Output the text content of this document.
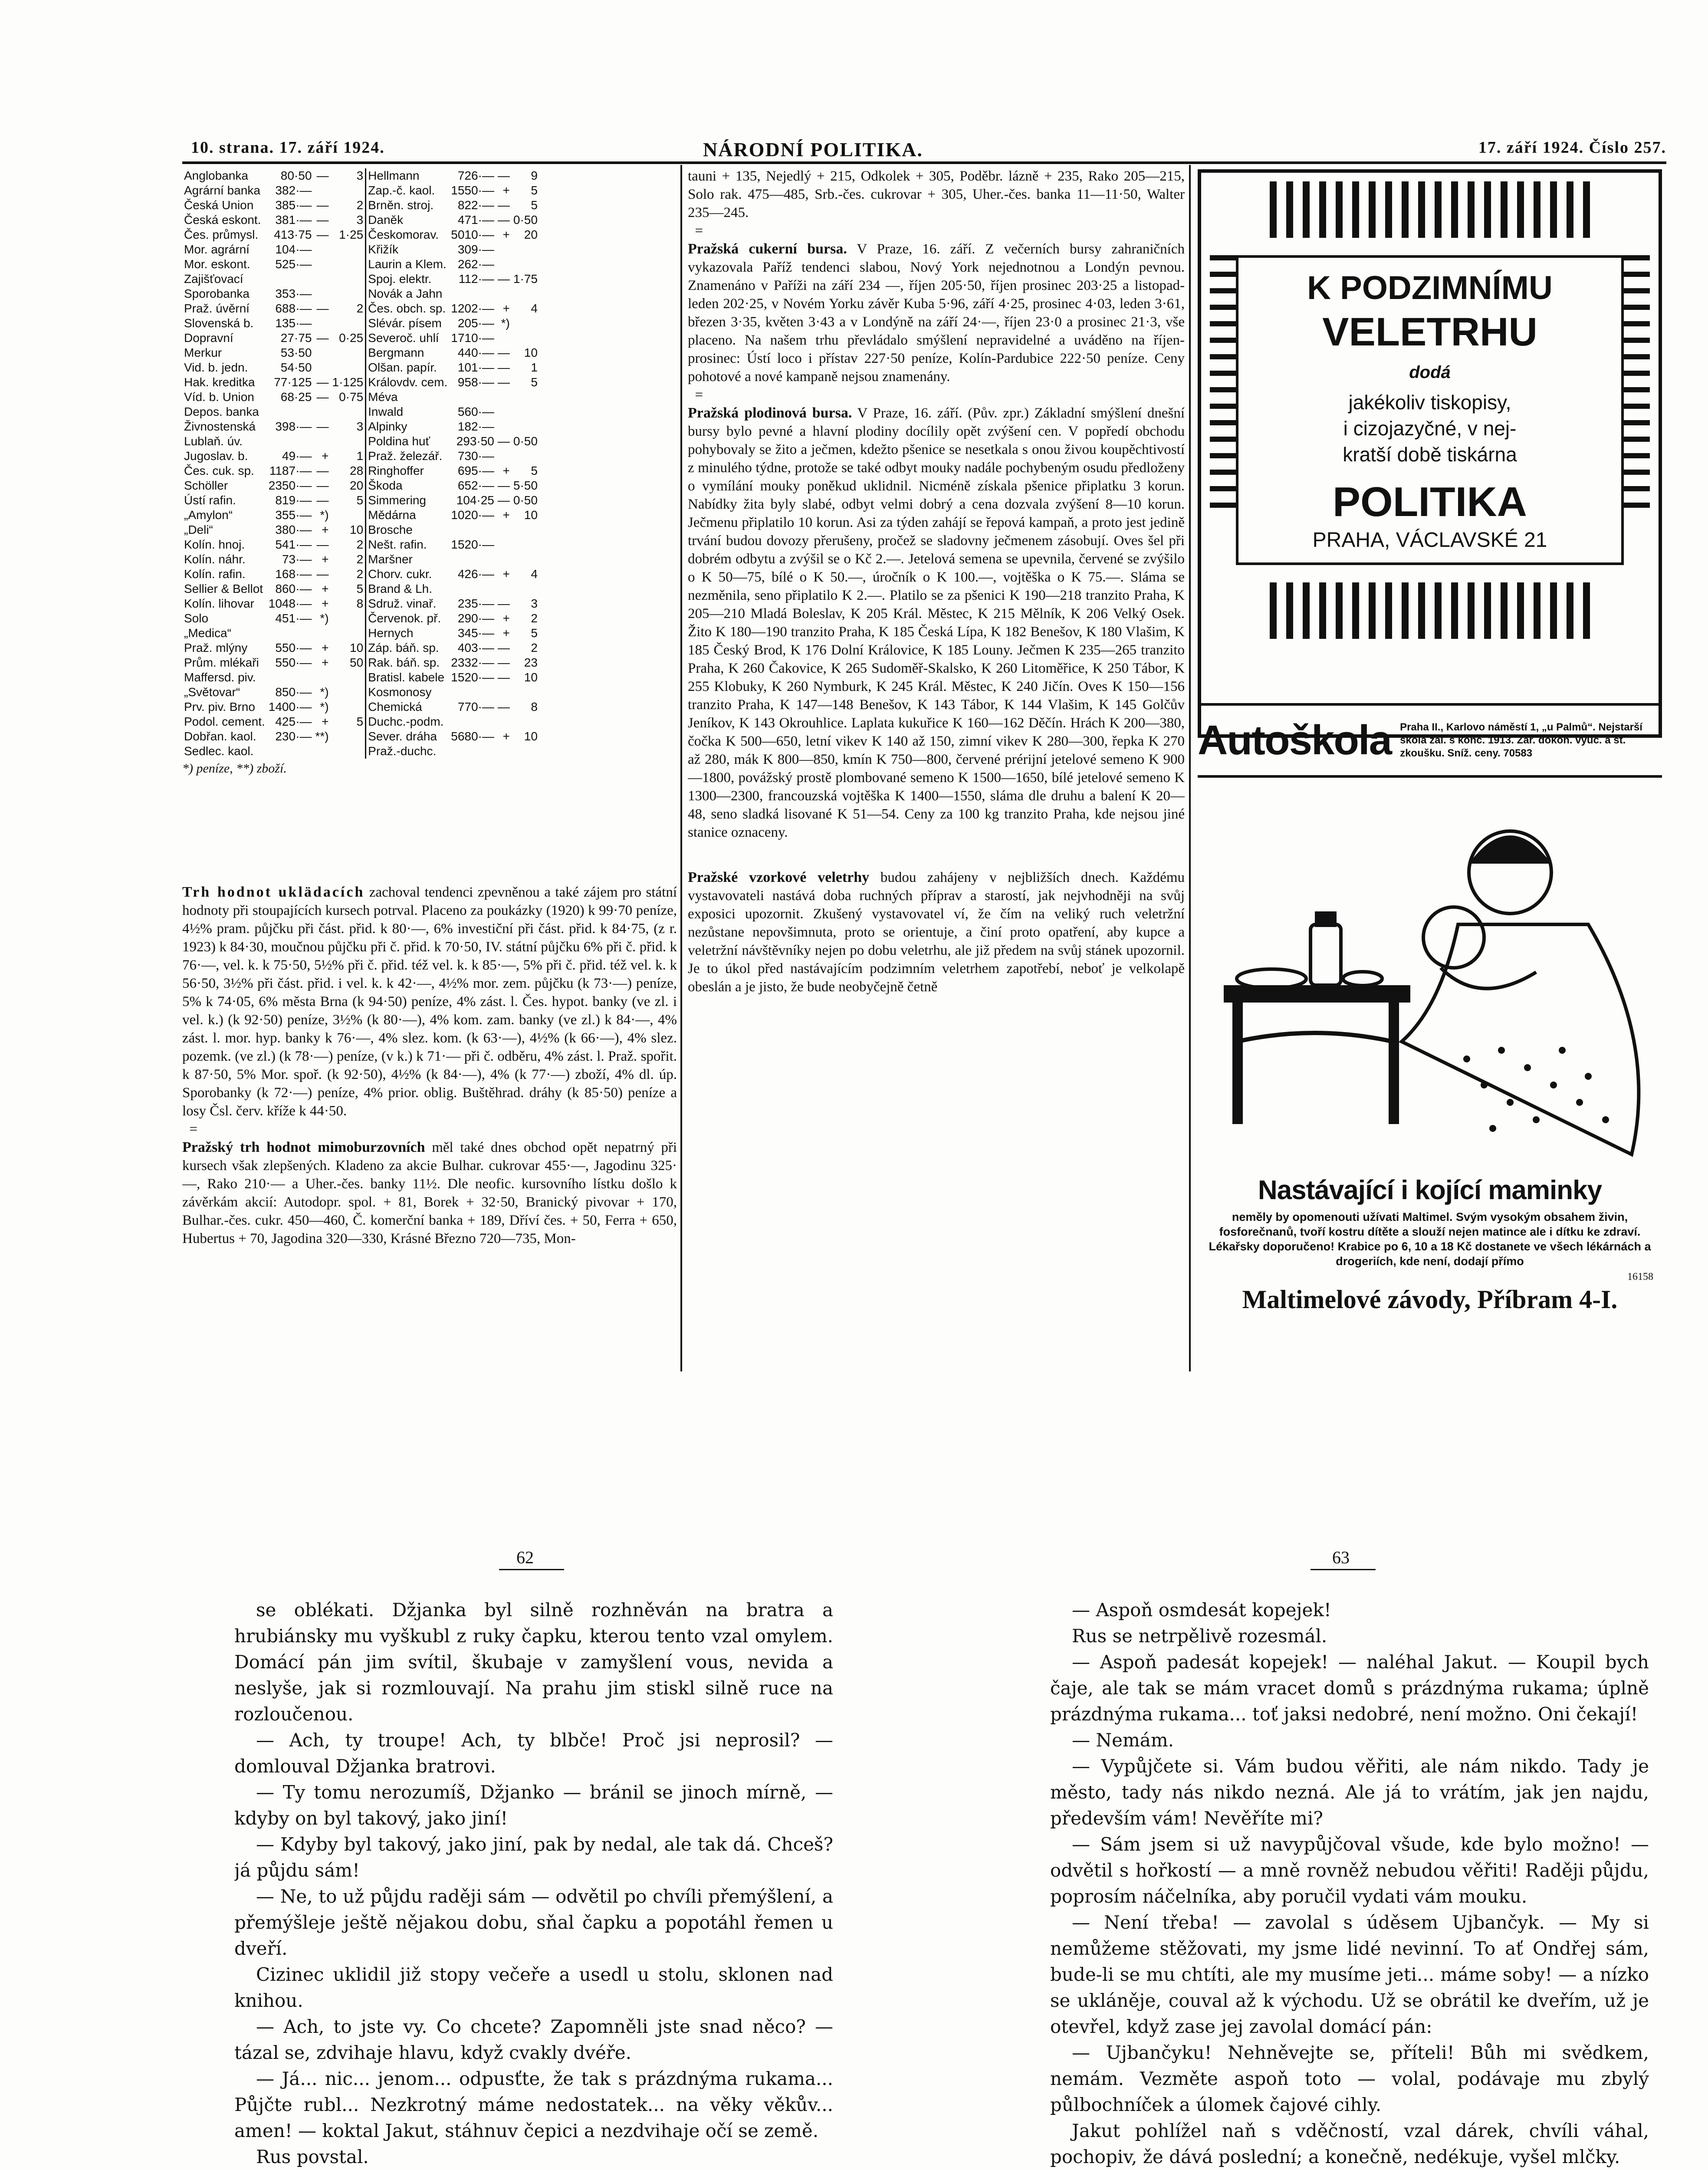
10. strana. 17. září 1924.	NÁRODNÍ POLITIKA.	17. září 1924. Číslo 257.
Anglobanka	80·50	—	3	Hellmann	726·—	—	9
Agrární banka	382·—			Zap.-č. kaol.	1550·—	+	5
Česká Union	385·—	—	2	Brněn. stroj.	822·—	—	5
Česká eskont.	381·—	—	3	Daněk	471·—	—	0·50
Čes. průmysl.	413·75	—	1·25	Českomorav.	5010·—	+	20
Mor. agrární	104·—			Křižík	309·—		
Mor. eskont.	525·—			Laurin a Klem.	262·—		
Zajišťovací				Spoj. elektr.	112·—	—	1·75
Sporobanka	353·—			Novák a Jahn			
Praž. úvěrní	688·—	—	2	Čes. obch. sp.	1202·—	+	4
Slovenská b.	135·—			Slévár. písem	205·—	*)	
Dopravní	27·75	—	0·25	Severoč. uhlí	1710·—		
Merkur	53·50			Bergmann	440·—	—	10
Vid. b. jedn.	54·50			Olšan. papír.	101·—	—	1
Hak. kreditka	77·125	—	1·125	Královdv. cem.	958·—	—	5
Víd. b. Union	68·25	—	0·75	Méva			
Depos. banka				Inwald	560·—		
Živnostenská	398·—	—	3	Alpinky	182·—		
Lublaň. úv.				Poldina huť	293·50	—	0·50
Jugoslav. b.	49·—	+	1	Praž. železář.	730·—		
Čes. cuk. sp.	1187·—	—	28	Ringhoffer	695·—	+	5
Schöller	2350·—	—	20	Škoda	652·—	—	5·50
Ústí rafin.	819·—	—	5	Simmering	104·25	—	0·50
„Amylon“	355·—	*)		Mědárna	1020·—	+	10
„Deli“	380·—	+	10	Brosche			
Kolín. hnoj.	541·—	—	2	Nešt. rafin.	1520·—		
Kolín. náhr.	73·—	+	2	Maršner			
Kolín. rafin.	168·—	—	2	Chorv. cukr.	426·—	+	4
Sellier & Bellot	860·—	+	5	Brand & Lh.			
Kolín. lihovar	1048·—	+	8	Sdruž. vinař.	235·—	—	3
Solo	451·—	*)		Červenok. př.	290·—	+	2
„Medica“				Hernych	345·—	+	5
Praž. mlýny	550·—	+	10	Záp. báň. sp.	403·—	—	2
Prům. mlékaři	550·—	+	50	Rak. báň. sp.	2332·—	—	23
Maffersd. piv.				Bratisl. kabele	1520·—	—	10
„Světovar“	850·—	*)		Kosmonosy			
Prv. piv. Brno	1400·—	*)		Chemická	770·—	—	8
Podol. cement.	425·—	+	5	Duchc.-podm.			
Dobřan. kaol.	230·—	**)		Sever. dráha	5680·—	+	10
Sedlec. kaol.				Praž.-duchc.			
*) peníze, **) zboží.

Trh hodnot uklädacích zachoval tendenci zpevněnou a také zájem pro státní hodnoty při stoupajících kursech potrval. Placeno za poukázky (1920) k 99·70 peníze, 4½% pram. půjčku při část. přid. k 80·—, 6% investiční při část. přid. k 84·75, (z r. 1923) k 84·30, moučnou půjčku při č. přid. k 70·50, IV. státní půjčku 6% při č. přid. k 76·—, vel. k. k 75·50, 5½% při č. přid. též vel. k. k 85·—, 5% při č. přid. též vel. k. k 56·50, 3½% při část. přid. i vel. k. k 42·—, 4½% mor. zem. půjčku (k 73·—) peníze, 5% k 74·05, 6% města Brna (k 94·50) peníze, 4% zást. l. Čes. hypot. banky (ve zl. i vel. k.) (k 92·50) peníze, 3½% (k 80·—), 4% kom. zam. banky (ve zl.) k 84·—, 4% zást. l. mor. hyp. banky k 76·—, 4% slez. kom. (k 63·—), 4½% (k 66·—), 4% slez. pozemk. (ve zl.) (k 78·—) peníze, (v k.) k 71·— při č. odběru, 4% zást. l. Praž. spořit. k 87·50, 5% Mor. spoř. (k 92·50), 4½% (k 84·—), 4% (k 77·—) zboží, 4% dl. úp. Sporobanky (k 72·—) peníze, 4% prior. oblig. Buštěhrad. dráhy (k 85·50) peníze a losy Čsl. červ. kříže k 44·50.

=

Pražský trh hodnot mimoburzovních měl také dnes obchod opět nepatrný při kursech však zlepšených. Kladeno za akcie Bulhar. cukrovar 455·—, Jagodinu 325·—, Rako 210·— a Uher.-čes. banky 11½. Dle neofic. kursovního lístku došlo k závěrkám akcií: Autodopr. spol. + 81, Borek + 32·50, Branický pivovar + 170, Bulhar.-čes. cukr. 450—460, Č. komerční banka + 189, Dříví čes. + 50, Ferra + 650, Hubertus + 70, Jagodina 320—330, Krásné Březno 720—735, Mon-

tauni + 135, Nejedlý + 215, Odkolek + 305, Poděbr. lázně + 235, Rako 205—215, Solo rak. 475—485, Srb.-čes. cukrovar + 305, Uher.-čes. banka 11—11·50, Walter 235—245.

=

Pražská cukerní bursa. V Praze, 16. září. Z večerních bursy zahraničních vykazovala Paříž tendenci slabou, Nový York nejednotnou a Londýn pevnou. Znamenáno v Paříži na září 234 —, říjen 205·50, říjen prosinec 203·25 a listopad-leden 202·25, v Novém Yorku závěr Kuba 5·96, září 4·25, prosinec 4·03, leden 3·61, březen 3·35, květen 3·43 a v Londýně na září 24·—, říjen 23·0 a prosinec 21·3, vše placeno. Na našem trhu převládalo smýšlení nepravidelné a uváděno na říjen-prosinec: Ústí loco i přístav 227·50 peníze, Kolín-Pardubice 222·50 peníze. Ceny pohotové a nové kampaně nejsou znamenány.

=

Pražská plodinová bursa. V Praze, 16. září. (Pův. zpr.) Základní smýšlení dnešní bursy bylo pevné a hlavní plodiny docílily opět zvýšení cen. V popředí obchodu pohybovaly se žito a ječmen, kdežto pšenice se nesetkala s onou živou koupěchtivostí z minulého týdne, protože se také odbyt mouky nadále pochybeným osudu předloženy o vymílání mouky poněkud uklidnil. Nicméně získala pšenice připlatku 3 korun. Nabídky žita byly slabé, odbyt velmi dobrý a cena dozvala zvýšení 8—10 korun. Ječmenu připlatilo 10 korun. Asi za týden zahájí se řepová kampaň, a proto jest jedině trvání budou dovozy přerušeny, pročež se sladovny ječmenem zásobují. Oves šel při dobrém odbytu a zvýšil se o Kč 2.—. Jetelová semena se upevnila, červené se zvýšilo o K 50—75, bílé o K 50.—, úročník o K 100.—, vojtěška o K 75.—. Sláma se nezměnila, seno připlatilo K 2.—. Platilo se za pšenici K 190—218 tranzito Praha, K 205—210 Mladá Boleslav, K 205 Král. Městec, K 215 Mělník, K 206 Velký Osek. Žito K 180—190 tranzito Praha, K 185 Česká Lípa, K 182 Benešov, K 180 Vlašim, K 185 Český Brod, K 176 Dolní Královice, K 185 Louny. Ječmen K 235—265 tranzito Praha, K 260 Čakovice, K 265 Sudoměř-Skalsko, K 260 Litoměřice, K 250 Tábor, K 255 Klobuky, K 260 Nymburk, K 245 Král. Městec, K 240 Jičín. Oves K 150—156 tranzito Praha, K 147—148 Benešov, K 143 Tábor, K 144 Vlašim, K 145 Golčův Jeníkov, K 143 Okrouhlice. Laplata kukuřice K 160—162 Děčín. Hrách K 200—380, čočka K 500—650, letní vikev K 140 až 150, zimní vikev K 280—300, řepka K 270 až 280, mák K 800—850, kmín K 750—800, červené prérijní jetelové semeno K 900—1800, povážský prostě plombované semeno K 1500—1650, bílé jetelové semeno K 1300—2300, francouzská vojtěška K 1400—1550, sláma dle druhu a balení K 20—48, seno sladká lisované K 51—54. Ceny za 100 kg tranzito Praha, kde nejsou jiné stanice oznaceny.

Pražské vzorkové veletrhy budou zahájeny v nejbližších dnech. Každému vystavovateli nastává doba ruchných příprav a starostí, jak nejvhodněji na svůj exposici upozornit. Zkušený vystavovatel ví, že čím na veliký ruch veletržní nezůstane nepovšimnuta, proto se orientuje, a činí proto opatření, aby kupce a veletržní návštěvníky nejen po dobu veletrhu, ale již předem na svůj stánek upozornil. Je to úkol před nastávajícím podzimním veletrhem zapotřebí, neboť je velkolapě obeslán a je jisto, že bude neobyčejně četně

K PODZIMNÍMU
VELETRHU
dodá
jakékoliv tiskopisy,
i cizojazyčné, v nej-
kratší době tiskárna
POLITIKA
PRAHA, VÁCLAVSKÉ 21
Autoškola Praha II., Karlovo náměstí 1, „u Palmů“. Nejstarší škola zal. s konc. 1913. Zar. dokon. vyuč. a st. zkoušku. Sníž. ceny. 70583
Nastávající i kojící maminky
neměly by opomenouti užívati Maltimel. Svým vysokým obsahem živin, fosforečnanů, tvoří kostru dítěte a slouží nejen matince ale i dítku ke zdraví. Lékařsky doporučeno! Krabice po 6, 10 a 18 Kč dostanete ve všech lékárnách a drogeriích, kde není, dodají přímo
16158
Maltimelové závody, Příbram 4-I.
62	63

se oblékati. Džjanka byl silně rozhněván na bratra a hrubiánsky mu vyškubl z ruky čapku, kterou tento vzal omylem. Domácí pán jim svítil, škubaje v zamyšlení vous, nevida a neslyše, jak si rozmlouvají. Na prahu jim stiskl silně ruce na rozloučenou.

— Ach, ty troupe! Ach, ty blbče! Proč jsi neprosil? — domlouval Džjanka bratrovi.

— Ty tomu nerozumíš, Džjanko — bránil se jinoch mírně, — kdyby on byl takový, jako jiní!

— Kdyby byl takový, jako jiní, pak by nedal, ale tak dá. Chceš? já půjdu sám!

— Ne, to už půjdu raději sám — odvětil po chvíli přemýšlení, a přemýšleje ještě nějakou dobu, sňal čapku a popotáhl řemen u dveří.

Cizinec uklidil již stopy večeře a usedl u stolu, sklonen nad knihou.

— Ach, to jste vy. Co chcete? Zapomněli jste snad něco? — tázal se, zdvihaje hlavu, když cvakly dvéře.

— Já... nic... jenom... odpusťte, že tak s prázdnýma rukama... Půjčte rubl... Nezkrotný máme nedostatek... na věky věkův... amen! — koktal Jakut, stáhnuv čepici a nezdvihaje očí se země.

Rus povstal.

— Aspoň osmdesát kopejek!

Rus se netrpělivě rozesmál.

— Aspoň padesát kopejek! — naléhal Jakut. — Koupil bych čaje, ale tak se mám vracet domů s prázdnýma rukama; úplně prázdnýma rukama... toť jaksi nedobré, není možno. Oni čekají!

— Nemám.

— Vypůjčete si. Vám budou věřiti, ale nám nikdo. Tady je město, tady nás nikdo nezná. Ale já to vrátím, jak jen najdu, především vám! Nevěříte mi?

— Sám jsem si už navypůjčoval všude, kde bylo možno! — odvětil s hořkostí — a mně rovněž nebudou věřiti! Raději půjdu, poprosím náčelníka, aby poručil vydati vám mouku.

— Není třeba! — zavolal s úděsem Ujbančyk. — My si nemůžeme stěžovati, my jsme lidé nevinní. To ať Ondřej sám, bude-li se mu chtíti, ale my musíme jeti... máme soby! — a nízko se ukláněje, couval až k východu. Už se obrátil ke dveřím, už je otevřel, když zase jej zavolal domácí pán:

— Ujbančyku! Nehněvejte se, příteli! Bůh mi svědkem, nemám. Vezměte aspoň toto — volal, podávaje mu zbylý půlbochníček a úlomek čajové cihly.

Jakut pohlížel naň s vděčností, vzal dárek, chvíli váhal, pochopiv, že dává poslední; a konečně, nedékuje, vyšel mlčky.
